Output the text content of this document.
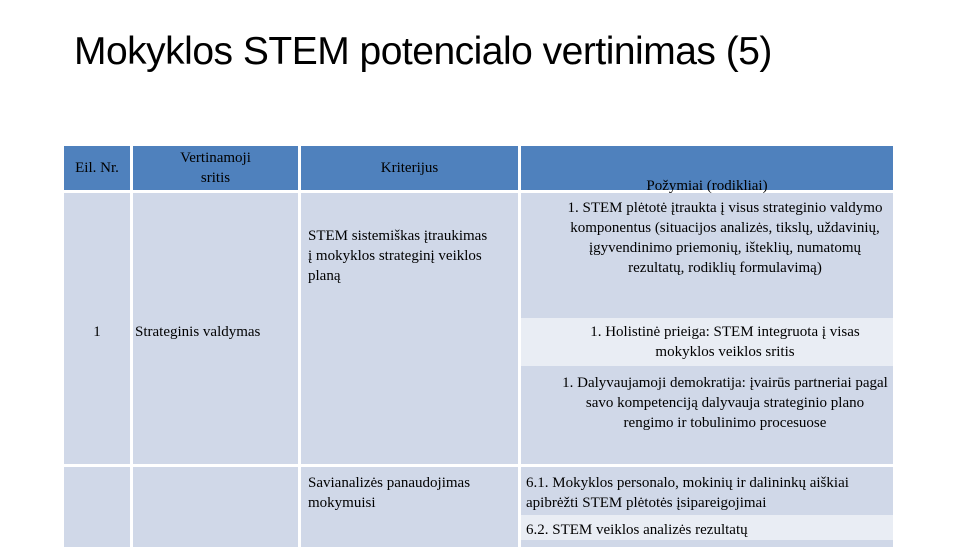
Mokyklos STEM potencialo vertinimas (5)
Eil. Nr.
Vertinamoji sritis
Kriterijus
Požymiai (rodikliai)
1	Strateginis valdymas
STEM sistemiškas įtraukimas į mokyklos strateginį veiklos planą
Savianalizės panaudojimas mokymuisi
1. STEM plėtotė įtraukta į visus strateginio valdymo komponentus (situacijos analizės, tikslų, uždavinių, įgyvendinimo priemonių, išteklių, numatomų rezultatų, rodiklių formulavimą)
1. Holistinė prieiga: STEM integruota į visas mokyklos veiklos sritis
1. Dalyvaujamoji demokratija: įvairūs partneriai pagal savo kompetenciją dalyvauja strateginio plano rengimo ir tobulinimo procesuose
6.1. Mokyklos personalo, mokinių ir dalininkų aiškiai apibrėžti STEM plėtotės įsipareigojimai
6.2. STEM veiklos analizės rezultatų
